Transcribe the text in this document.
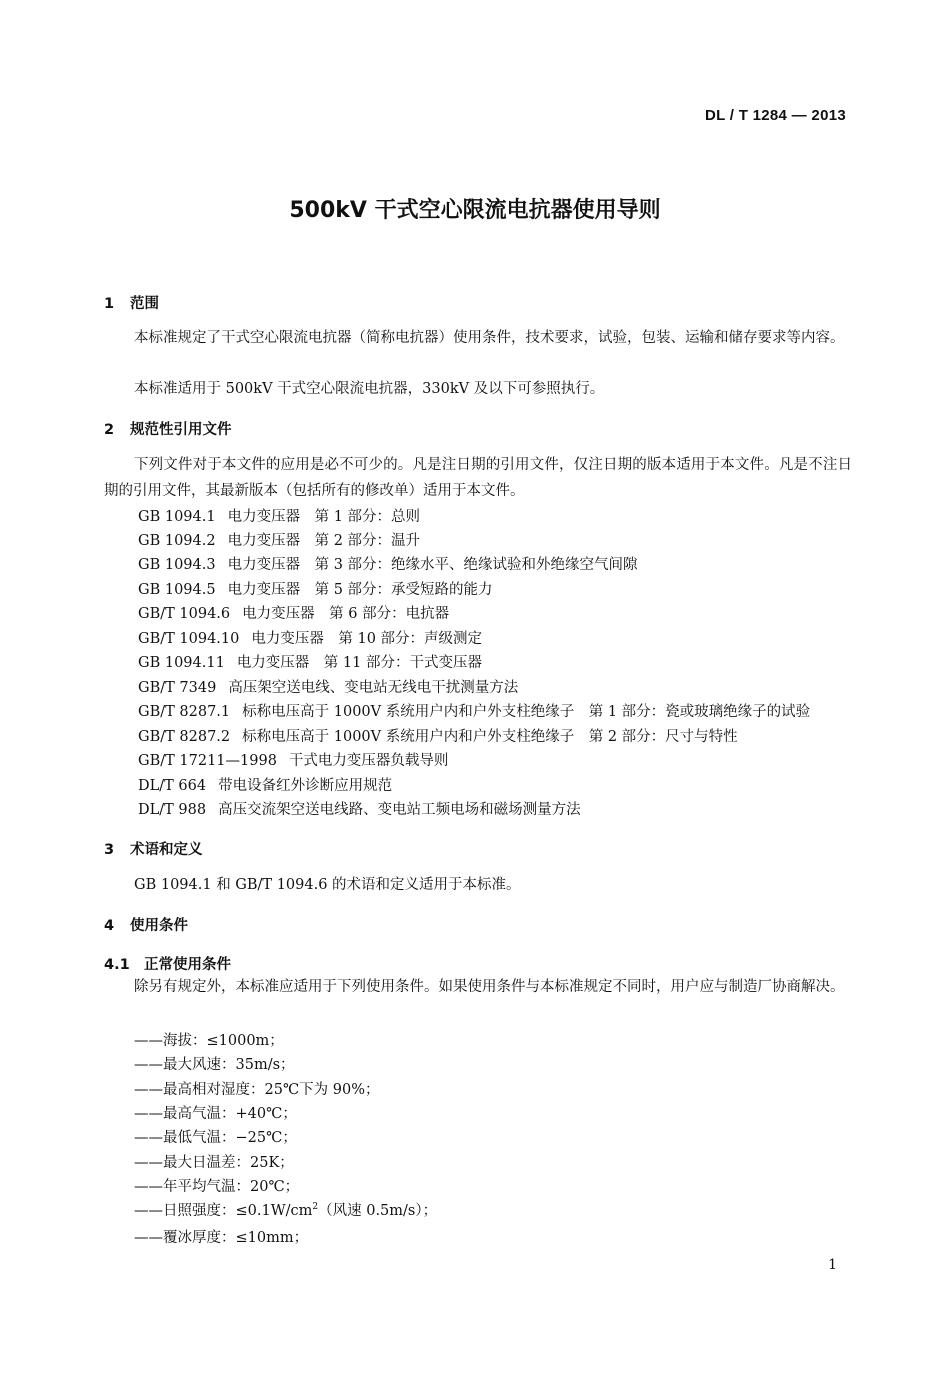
DL / T 1284 — 2013
500kV 干式空心限流电抗器使用导则
1 范围
本标准规定了干式空心限流电抗器（简称电抗器）使用条件，技术要求，试验，包装、运输和储存要求等内容。
本标准适用于 500kV 干式空心限流电抗器，330kV 及以下可参照执行。
2 规范性引用文件
下列文件对于本文件的应用是必不可少的。凡是注日期的引用文件，仅注日期的版本适用于本文件。凡是不注日期的引用文件，其最新版本（包括所有的修改单）适用于本文件。
GB 1094.1 电力变压器　第 1 部分：总则
GB 1094.2 电力变压器　第 2 部分：温升
GB 1094.3 电力变压器　第 3 部分：绝缘水平、绝缘试验和外绝缘空气间隙
GB 1094.5 电力变压器　第 5 部分：承受短路的能力
GB/T 1094.6 电力变压器　第 6 部分：电抗器
GB/T 1094.10 电力变压器　第 10 部分：声级测定
GB 1094.11 电力变压器　第 11 部分：干式变压器
GB/T 7349 高压架空送电线、变电站无线电干扰测量方法
GB/T 8287.1 标称电压高于 1000V 系统用户内和户外支柱绝缘子　第 1 部分：瓷或玻璃绝缘子的试验
GB/T 8287.2 标称电压高于 1000V 系统用户内和户外支柱绝缘子　第 2 部分：尺寸与特性
GB/T 17211—1998 干式电力变压器负载导则
DL/T 664 带电设备红外诊断应用规范
DL/T 988 高压交流架空送电线路、变电站工频电场和磁场测量方法
3 术语和定义
GB 1094.1 和 GB/T 1094.6 的术语和定义适用于本标准。
4 使用条件
4.1 正常使用条件
除另有规定外，本标准应适用于下列使用条件。如果使用条件与本标准规定不同时，用户应与制造厂协商解决。
——海拔：≤1000m；
——最大风速：35m/s；
——最高相对湿度：25℃下为 90%；
——最高气温：+40℃；
——最低气温：−25℃；
——最大日温差：25K；
——年平均气温：20℃；
——日照强度：$\le 0.1W/cm^2$（风速 0.5m/s）；
——覆冰厚度：≤10mm；
1
